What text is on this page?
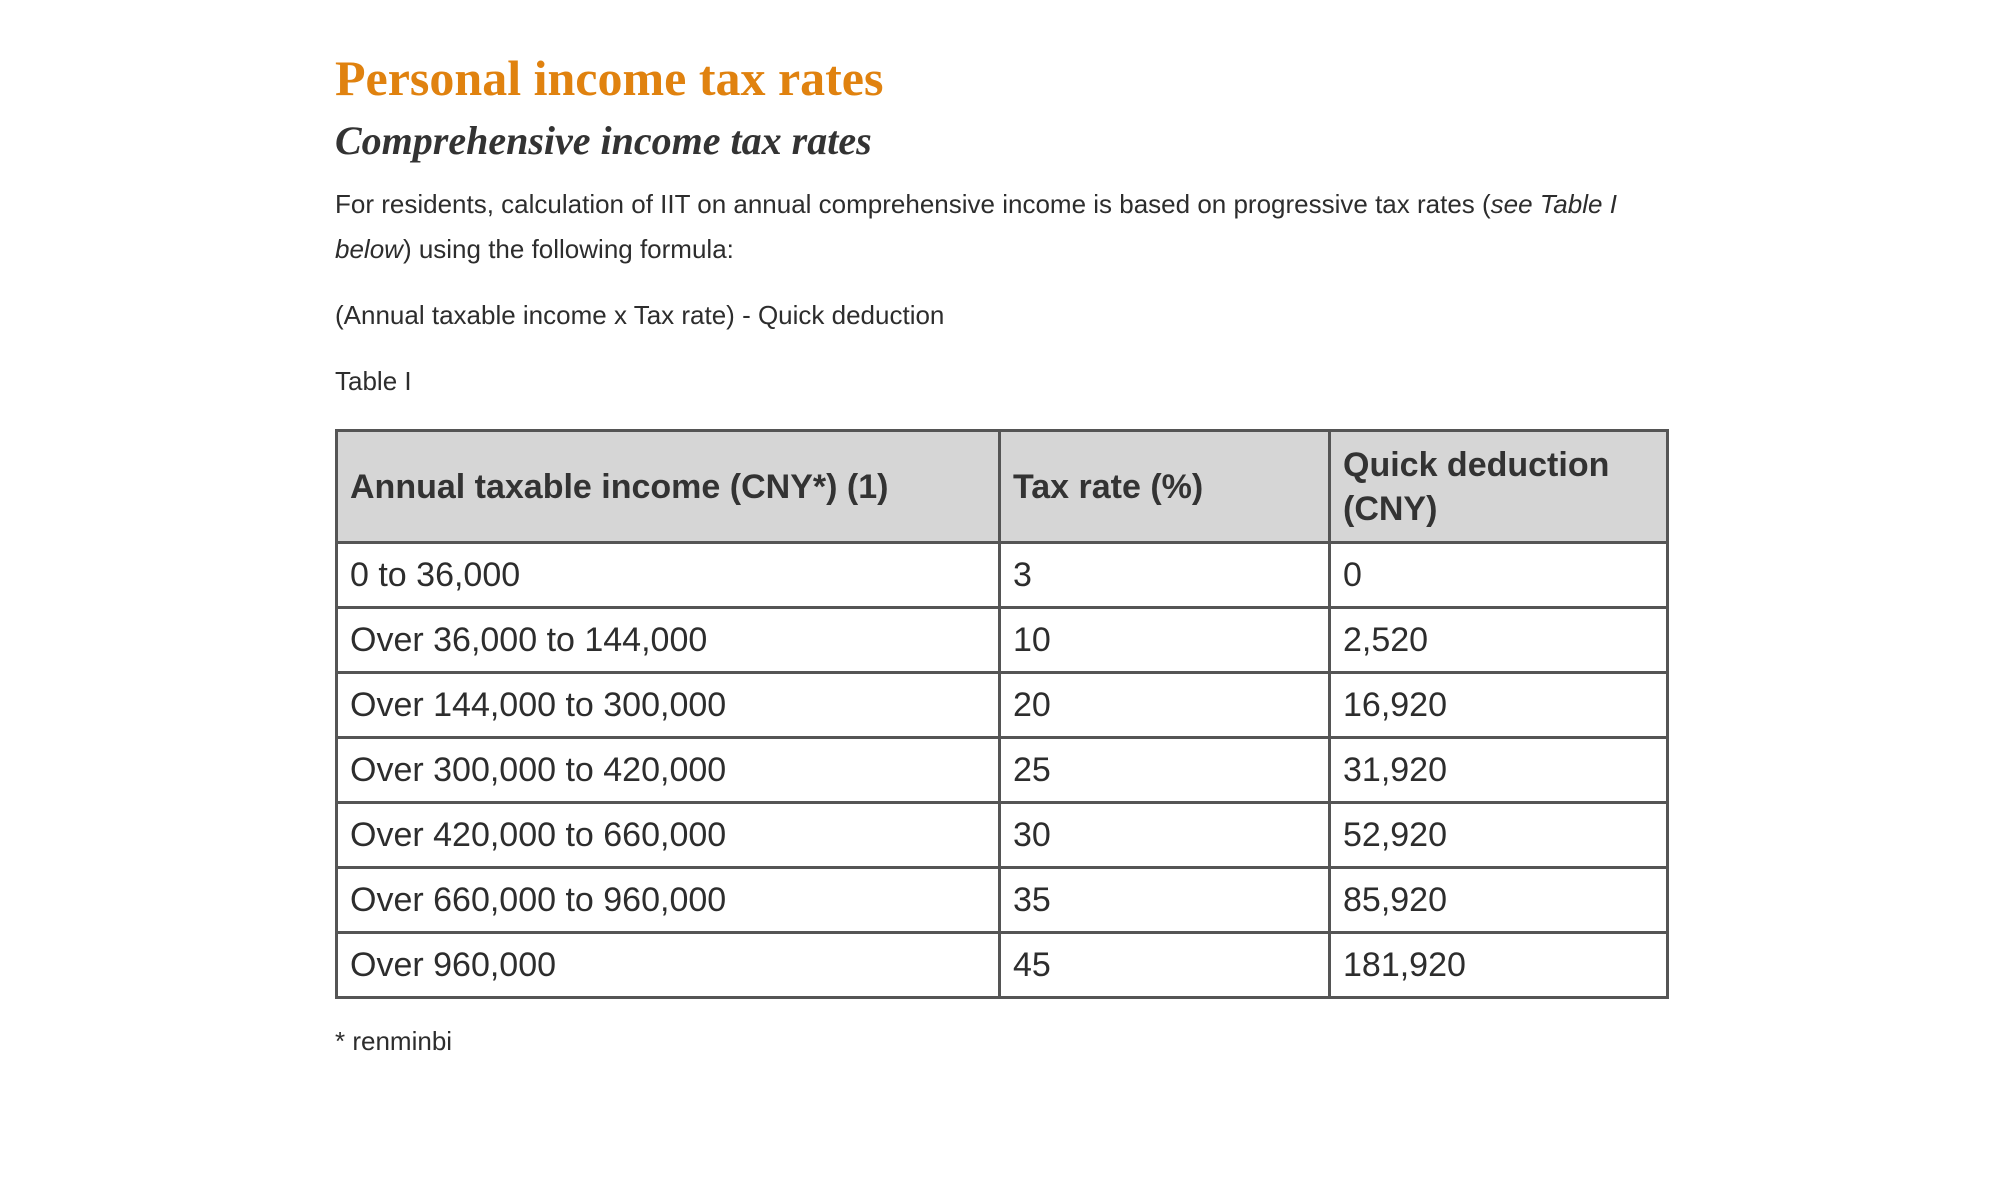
Personal income tax rates
Comprehensive income tax rates

For residents, calculation of IIT on annual comprehensive income is based on progressive tax rates (see Table I below) using the following formula:

(Annual taxable income x Tax rate) - Quick deduction

Table I

Annual taxable income (CNY*) (1)	Tax rate (%)	Quick deduction (CNY)
0 to 36,000	3	0
Over 36,000 to 144,000	10	2,520
Over 144,000 to 300,000	20	16,920
Over 300,000 to 420,000	25	31,920
Over 420,000 to 660,000	30	52,920
Over 660,000 to 960,000	35	85,920
Over 960,000	45	181,920

* renminbi
